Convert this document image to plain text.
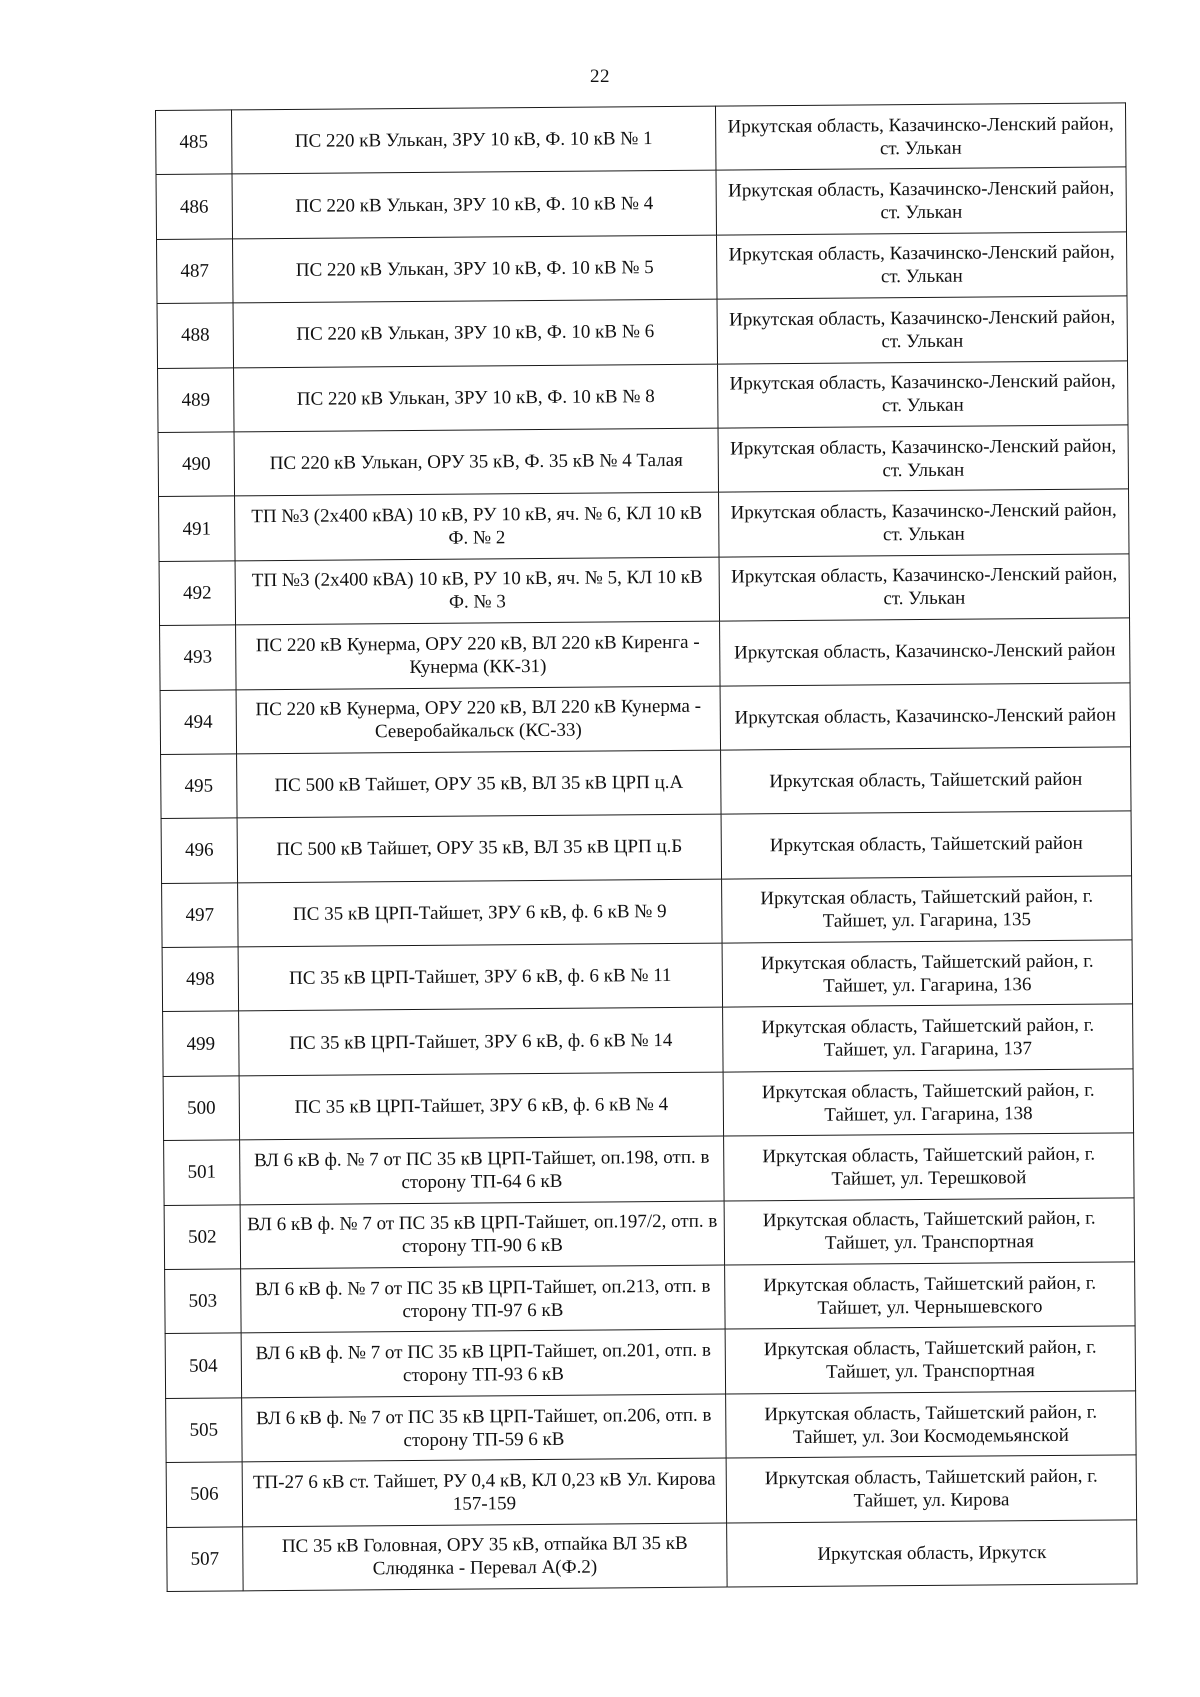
22
485	ПС 220 кВ Улькан, ЗРУ 10 кВ, Ф. 10 кВ № 1	Иркутская область, Казачинско-Ленский район, ст. Улькан
486	ПС 220 кВ Улькан, ЗРУ 10 кВ, Ф. 10 кВ № 4	Иркутская область, Казачинско-Ленский район, ст. Улькан
487	ПС 220 кВ Улькан, ЗРУ 10 кВ, Ф. 10 кВ № 5	Иркутская область, Казачинско-Ленский район, ст. Улькан
488	ПС 220 кВ Улькан, ЗРУ 10 кВ, Ф. 10 кВ № 6	Иркутская область, Казачинско-Ленский район, ст. Улькан
489	ПС 220 кВ Улькан, ЗРУ 10 кВ, Ф. 10 кВ № 8	Иркутская область, Казачинско-Ленский район, ст. Улькан
490	ПС 220 кВ Улькан, ОРУ 35 кВ, Ф. 35 кВ № 4 Талая	Иркутская область, Казачинско-Ленский район, ст. Улькан
491	ТП №3 (2х400 кВА) 10 кВ, РУ 10 кВ, яч. № 6, КЛ 10 кВ Ф. № 2	Иркутская область, Казачинско-Ленский район, ст. Улькан
492	ТП №3 (2х400 кВА) 10 кВ, РУ 10 кВ, яч. № 5, КЛ 10 кВ Ф. № 3	Иркутская область, Казачинско-Ленский район, ст. Улькан
493	ПС 220 кВ Кунерма, ОРУ 220 кВ, ВЛ 220 кВ Киренга - Кунерма (КК-31)	Иркутская область, Казачинско-Ленский район
494	ПС 220 кВ Кунерма, ОРУ 220 кВ, ВЛ 220 кВ Кунерма - Северобайкальск (КС-33)	Иркутская область, Казачинско-Ленский район
495	ПС 500 кВ Тайшет, ОРУ 35 кВ, ВЛ 35 кВ ЦРП ц.А	Иркутская область, Тайшетский район
496	ПС 500 кВ Тайшет, ОРУ 35 кВ, ВЛ 35 кВ ЦРП ц.Б	Иркутская область, Тайшетский район
497	ПС 35 кВ ЦРП-Тайшет, ЗРУ 6 кВ, ф. 6 кВ № 9	Иркутская область, Тайшетский район, г. Тайшет, ул. Гагарина, 135
498	ПС 35 кВ ЦРП-Тайшет, ЗРУ 6 кВ, ф. 6 кВ № 11	Иркутская область, Тайшетский район, г. Тайшет, ул. Гагарина, 136
499	ПС 35 кВ ЦРП-Тайшет, ЗРУ 6 кВ, ф. 6 кВ № 14	Иркутская область, Тайшетский район, г. Тайшет, ул. Гагарина, 137
500	ПС 35 кВ ЦРП-Тайшет, ЗРУ 6 кВ, ф. 6 кВ № 4	Иркутская область, Тайшетский район, г. Тайшет, ул. Гагарина, 138
501	ВЛ 6 кВ ф. № 7 от ПС 35 кВ ЦРП-Тайшет, оп.198, отп. в сторону ТП-64 6 кВ	Иркутская область, Тайшетский район, г. Тайшет, ул. Терешковой
502	ВЛ 6 кВ ф. № 7 от ПС 35 кВ ЦРП-Тайшет, оп.197/2, отп. в сторону ТП-90 6 кВ	Иркутская область, Тайшетский район, г. Тайшет, ул. Транспортная
503	ВЛ 6 кВ ф. № 7 от ПС 35 кВ ЦРП-Тайшет, оп.213, отп. в сторону ТП-97 6 кВ	Иркутская область, Тайшетский район, г. Тайшет, ул. Чернышевского
504	ВЛ 6 кВ ф. № 7 от ПС 35 кВ ЦРП-Тайшет, оп.201, отп. в сторону ТП-93 6 кВ	Иркутская область, Тайшетский район, г. Тайшет, ул. Транспортная
505	ВЛ 6 кВ ф. № 7 от ПС 35 кВ ЦРП-Тайшет, оп.206, отп. в сторону ТП-59 6 кВ	Иркутская область, Тайшетский район, г. Тайшет, ул. Зои Космодемьянской
506	ТП-27 6 кВ ст. Тайшет, РУ 0,4 кВ, КЛ 0,23 кВ Ул. Кирова 157-159	Иркутская область, Тайшетский район, г. Тайшет, ул. Кирова
507	ПС 35 кВ Головная, ОРУ 35 кВ, отпайка ВЛ 35 кВ Слюдянка - Перевал А(Ф.2)	Иркутская область, Иркутск
